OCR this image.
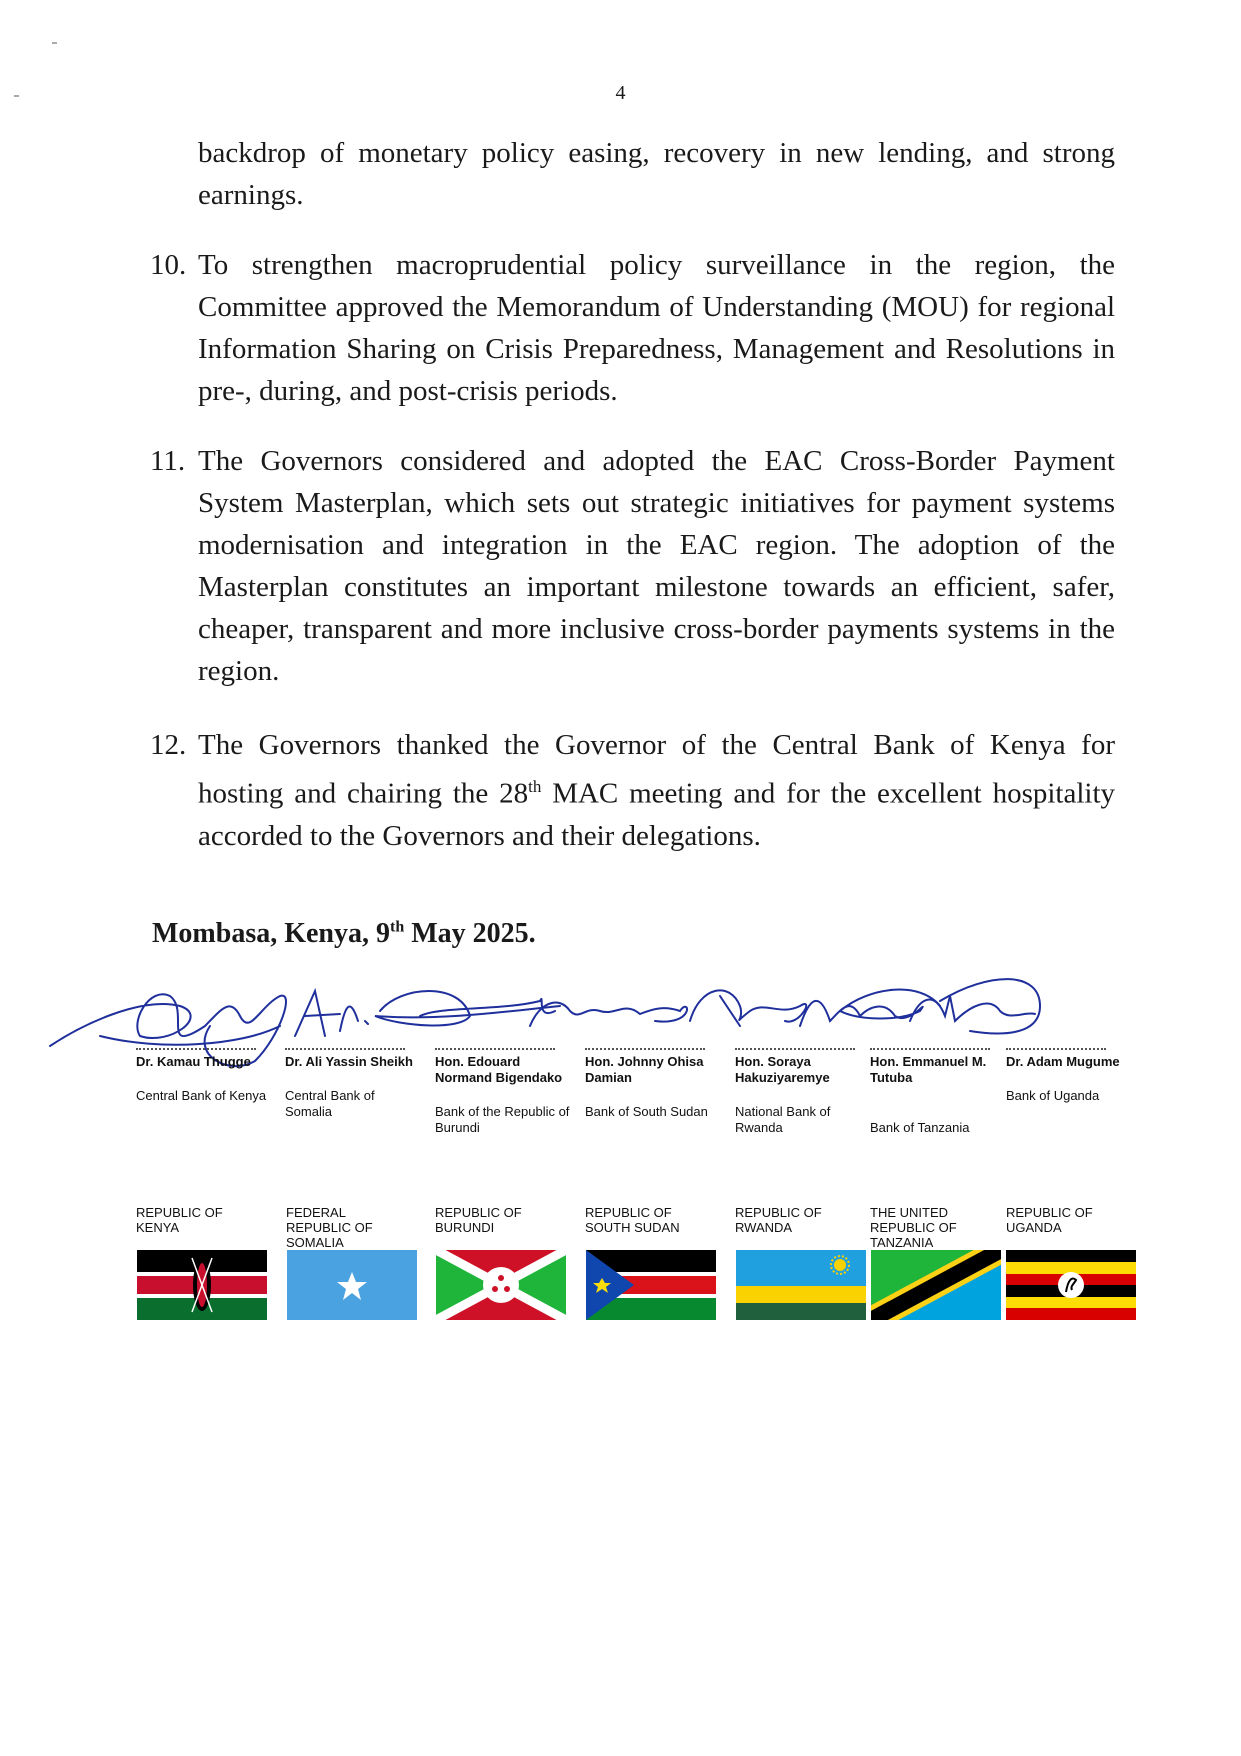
4

backdrop of monetary policy easing, recovery in new lending, and strong earnings.

10. To strengthen macroprudential policy surveillance in the region, the Committee approved the Memorandum of Understanding (MOU) for regional Information Sharing on Crisis Preparedness, Management and Resolutions in pre-, during, and post-crisis periods.
11. The Governors considered and adopted the EAC Cross-Border Payment System Masterplan, which sets out strategic initiatives for payment systems modernisation and integration in the EAC region. The adoption of the Masterplan constitutes an important milestone towards an efficient, safer, cheaper, transparent and more inclusive cross-border payments systems in the region.
12. The Governors thanked the Governor of the Central Bank of Kenya for hosting and chairing the 28th MAC meeting and for the excellent hospitality accorded to the Governors and their delegations.
Mombasa, Kenya, 9th May 2025.
Dr. Kamau Thugge
Central Bank of Kenya
Dr. Ali Yassin Sheikh
Central Bank of Somalia
Hon. Edouard Normand Bigendako
Bank of the Republic of Burundi
Hon. Johnny Ohisa Damian
Bank of South Sudan
Hon. Soraya Hakuziyaremye
National Bank of Rwanda
Hon. Emmanuel M. Tutuba
Bank of Tanzania
Dr. Adam Mugume
Bank of Uganda
REPUBLIC OF KENYA
FEDERAL REPUBLIC OF SOMALIA
REPUBLIC OF BURUNDI
REPUBLIC OF SOUTH SUDAN
REPUBLIC OF RWANDA
THE UNITED REPUBLIC OF TANZANIA
REPUBLIC OF UGANDA
